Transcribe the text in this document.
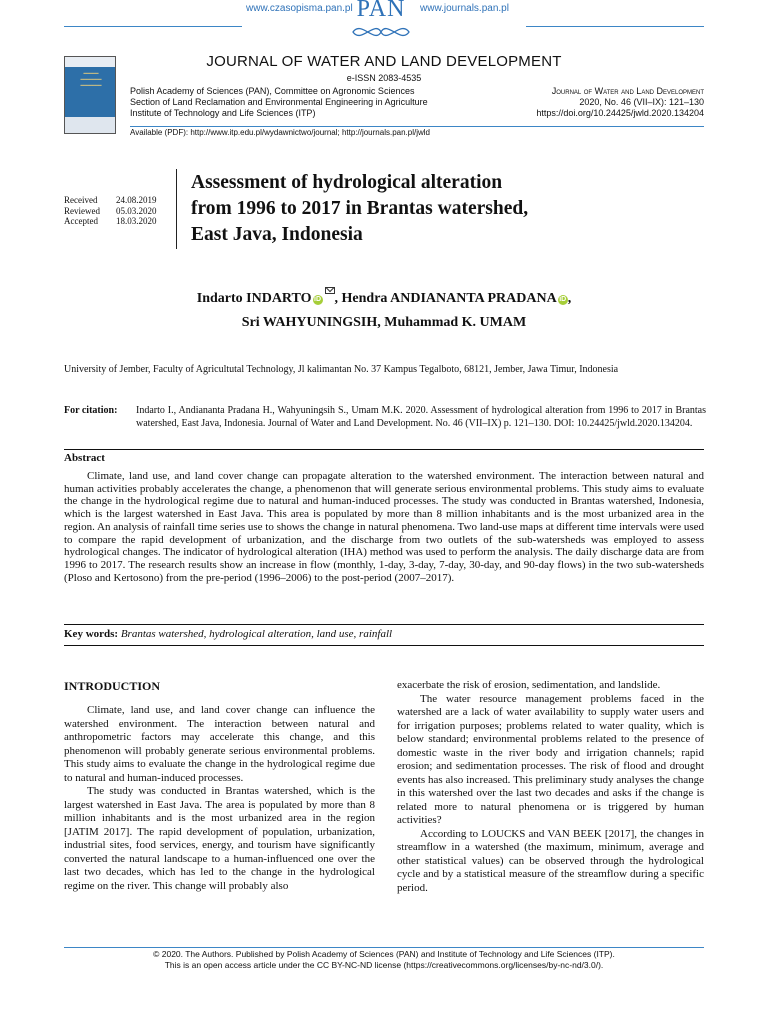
www.czasopisma.pan.pl PAN	www.journals.pan.pl
JOURNAL OF WATER AND LAND DEVELOPMENT
e-ISSN 2083-4535
━━━━━
━━━━━━━
━━━━━━━	Polish Academy of Sciences (PAN), Committee on Agronomic Sciences
Section of Land Reclamation and Environmental Engineering in Agriculture
Institute of Technology and Life Sciences (ITP)
Journal of Water and Land Development
2020, No. 46 (VII–IX): 121–130
https://doi.org/10.24425/jwld.2020.134204
Available (PDF): http://www.itp.edu.pl/wydawnictwo/journal; http://journals.pan.pl/jwld
Received	24.08.2019
Reviewed	05.03.2020
Accepted	18.03.2020
Assessment of hydrological alteration
from 1996 to 2017 in Brantas watershed,
East Java, Indonesia
Indarto INDARTO iD , Hendra ANDIANANTA PRADANA iD ,
Sri WAHYUNINGSIH, Muhammad K. UMAM
University of Jember, Faculty of Agricultutal Technology, Jl kalimantan No. 37 Kampus Tegalboto, 68121, Jember, Jawa Timur, Indonesia
For citation: Indarto I., Andiananta Pradana H., Wahyuningsih S., Umam M.K. 2020. Assessment of hydrological alteration from 1996 to 2017 in Brantas watershed, East Java, Indonesia. Journal of Water and Land Development. No. 46 (VII–IX) p. 121–130. DOI: 10.24425/jwld.2020.134204.
Abstract
Climate, land use, and land cover change can propagate alteration to the watershed environment. The interaction between natural and human activities probably accelerates the change, a phenomenon that will generate serious environmental problems. This study aims to evaluate the change in the hydrological regime due to natural and human-induced processes. The study was conducted in Brantas watershed, Indonesia, which is the largest watershed in East Java. This area is populated by more than 8 million inhabitants and is the most urbanized area in the region. An analysis of rainfall time series use to shows the change in natural phenomena. Two land-use maps at different time intervals were used to compare the rapid development of urbanization, and the discharge from two outlets of the sub-watersheds was employed to assess hydrological changes. The indicator of hydrological alteration (IHA) method was used to perform the analysis. The daily discharge data are from 1996 to 2017. The research results show an increase in flow (monthly, 1-day, 3-day, 7-day, 30-day, and 90-day flows) in the two sub-watersheds (Ploso and Kertosono) from the pre-period (1996–2006) to the post-period (2007–2017).
Key words: Brantas watershed, hydrological alteration, land use, rainfall
INTRODUCTION

Climate, land use, and land cover change can influence the watershed environment. The interaction between natural and anthropometric factors may accelerate this change, and this phenomenon will probably generate serious environmental problems. This study aims to evaluate the change in the hydrological regime due to natural and human-induced processes.

The study was conducted in Brantas watershed, which is the largest watershed in East Java. The area is populated by more than 8 million inhabitants and is the most urbanized area in the region [JATIM 2017]. The rapid development of population, urbanization, industrial sites, food services, energy, and tourism have significantly converted the natural landscape to a human-influenced one over the last two decades, which has led to the change in the hydrological regime on the river. This change will probably also

exacerbate the risk of erosion, sedimentation, and landslide.

The water resource management problems faced in the watershed are a lack of water availability to supply water users and for irrigation purposes; problems related to water quality, which is below standard; environmental problems related to the presence of domestic waste in the river body and irrigation channels; rapid erosion; and sedimentation processes. The risk of flood and drought events has also increased. This preliminary study analyses the change in this watershed over the last two decades and asks if the change is related more to natural phenomena or is triggered by human activities?

According to LOUCKS and VAN BEEK [2017], the changes in streamflow in a watershed (the maximum, minimum, average and other statistical values) can be observed through the hydrological cycle and by a statistical measure of the streamflow during a specific period.

© 2020. The Authors. Published by Polish Academy of Sciences (PAN) and Institute of Technology and Life Sciences (ITP).
This is an open access article under the CC BY-NC-ND license (https://creativecommons.org/licenses/by-nc-nd/3.0/).
